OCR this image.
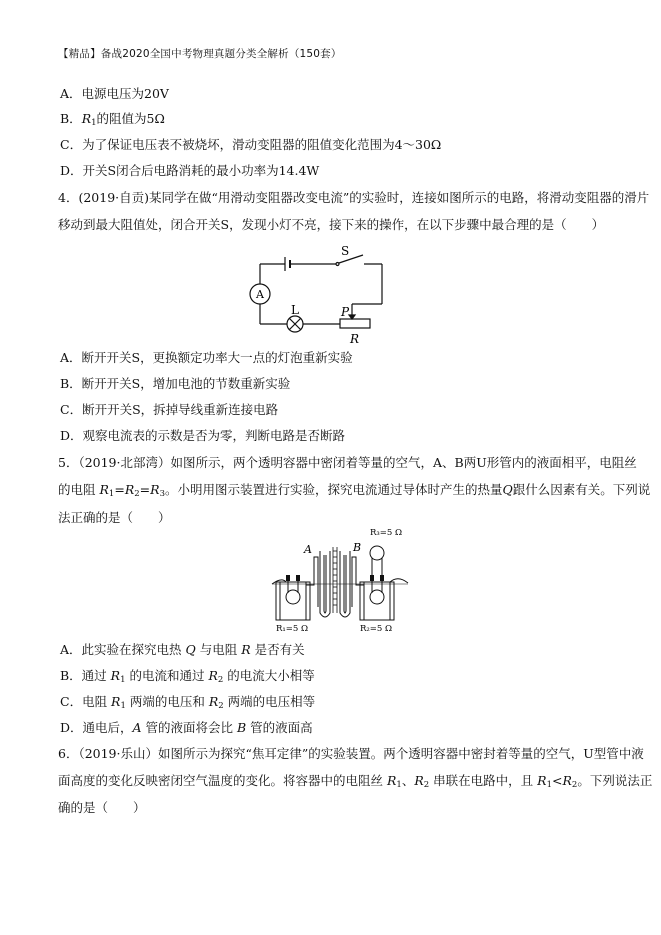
【精品】备战2020全国中考物理真题分类全解析（150套）
A．电源电压为20V
B．$R_1$的阻值为5Ω
C．为了保证电压表不被烧坏，滑动变阻器的阻值变化范围为4～30Ω
D．开关S闭合后电路消耗的最小功率为14.4W
4．(2019·自贡)某同学在做“用滑动变阻器改变电流”的实验时，连接如图所示的电路，将滑动变阻器的滑片
移动到最大阻值处，闭合开关S，发现小灯不亮，接下来的操作，在以下步骤中最合理的是（　　）
S
A
L	P
R
A．断开开关S，更换额定功率大一点的灯泡重新实验
B．断开开关S，增加电池的节数重新实验
C．断开开关S，拆掉导线重新连接电路
D．观察电流表的示数是否为零，判断电路是否断路
5．（2019·北部湾）如图所示，两个透明容器中密闭着等量的空气，A、B两U形管内的液面相平，电阻丝
的电阻 $R_1=R_2=R_3$。小明用图示装置进行实验，探究电流通过导体时产生的热量Q跟什么因素有关。下列说
法正确的是（　　）
A	B
R₃=5 Ω
R₁=5 Ω	R₂=5 Ω
A．此实验在探究电热 Q 与电阻 R 是否有关
B．通过 $R_1$ 的电流和通过 $R_2$ 的电流大小相等
C．电阻 $R_1$ 两端的电压和 $R_2$ 两端的电压相等
D．通电后，A 管的液面将会比 B 管的液面高
6．（2019·乐山）如图所示为探究“焦耳定律”的实验装置。两个透明容器中密封着等量的空气，U型管中液
面高度的变化反映密闭空气温度的变化。将容器中的电阻丝 $R_1$、$R_2$ 串联在电路中，且 $R_1<R_2$。下列说法正
确的是（　　）
